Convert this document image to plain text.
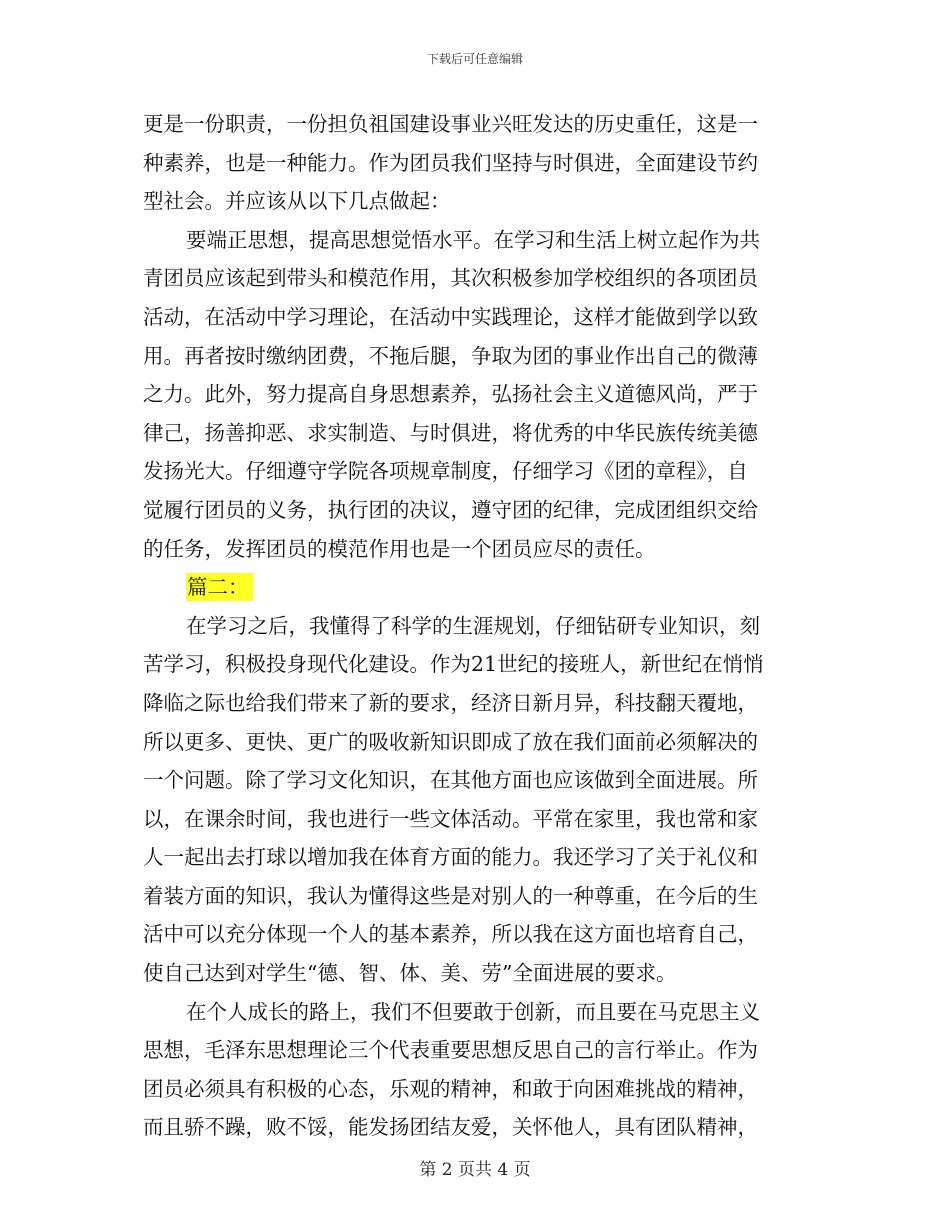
下载后可任意编辑
更是一份职责，一份担负祖国建设事业兴旺发达的历史重任，这是一
种素养，也是一种能力。作为团员我们坚持与时俱进，全面建设节约
型社会。并应该从以下几点做起：
要端正思想，提高思想觉悟水平。在学习和生活上树立起作为共
青团员应该起到带头和模范作用，其次积极参加学校组织的各项团员
活动，在活动中学习理论，在活动中实践理论，这样才能做到学以致
用。再者按时缴纳团费，不拖后腿，争取为团的事业作出自己的微薄
之力。此外，努力提高自身思想素养，弘扬社会主义道德风尚，严于
律己，扬善抑恶、求实制造、与时俱进，将优秀的中华民族传统美德
发扬光大。仔细遵守学院各项规章制度，仔细学习《团的章程》，自
觉履行团员的义务，执行团的决议，遵守团的纪律，完成团组织交给
的任务，发挥团员的模范作用也是一个团员应尽的责任。
篇二：
在学习之后，我懂得了科学的生涯规划，仔细钻研专业知识，刻
苦学习，积极投身现代化建设。作为21世纪的接班人，新世纪在悄悄
降临之际也给我们带来了新的要求，经济日新月异，科技翻天覆地，
所以更多、更快、更广的吸收新知识即成了放在我们面前必须解决的
一个问题。除了学习文化知识，在其他方面也应该做到全面进展。所
以，在课余时间，我也进行一些文体活动。平常在家里，我也常和家
人一起出去打球以增加我在体育方面的能力。我还学习了关于礼仪和
着装方面的知识，我认为懂得这些是对别人的一种尊重，在今后的生
活中可以充分体现一个人的基本素养，所以我在这方面也培育自己，
使自己达到对学生“德、智、体、美、劳”全面进展的要求。
在个人成长的路上，我们不但要敢于创新，而且要在马克思主义
思想，毛泽东思想理论三个代表重要思想反思自己的言行举止。作为
团员必须具有积极的心态，乐观的精神，和敢于向困难挑战的精神，
而且骄不躁，败不馁，能发扬团结友爱，关怀他人，具有团队精神，
第 2 页共 4 页
